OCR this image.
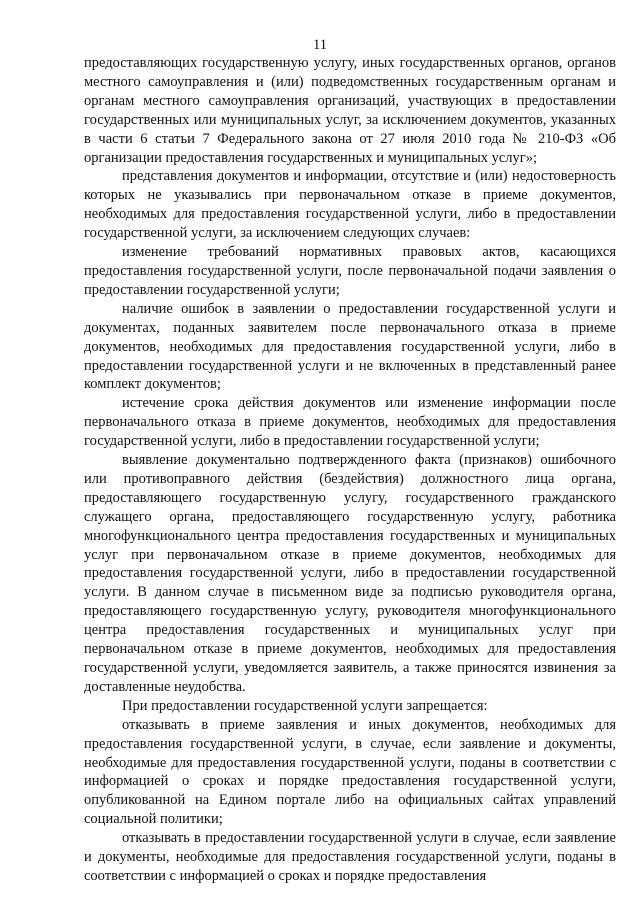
11

предоставляющих государственную услугу, иных государственных органов, органов местного самоуправления и (или) подведомственных государственным органам и органам местного самоуправления организаций, участвующих в предоставлении государственных или муниципальных услуг, за исключением документов, указанных в части 6 статьи 7 Федерального закона от 27 июля 2010 года № 210-ФЗ «Об организации предоставления государственных и муниципальных услуг»;

представления документов и информации, отсутствие и (или) недостоверность которых не указывались при первоначальном отказе в приеме документов, необходимых для предоставления государственной услуги, либо в предоставлении государственной услуги, за исключением следующих случаев:

изменение требований нормативных правовых актов, касающихся предоставления государственной услуги, после первоначальной подачи заявления о предоставлении государственной услуги;

наличие ошибок в заявлении о предоставлении государственной услуги и документах, поданных заявителем после первоначального отказа в приеме документов, необходимых для предоставления государственной услуги, либо в предоставлении государственной услуги и не включенных в представленный ранее комплект документов;

истечение срока действия документов или изменение информации после первоначального отказа в приеме документов, необходимых для предоставления государственной услуги, либо в предоставлении государственной услуги;

выявление документально подтвержденного факта (признаков) ошибочного или противоправного действия (бездействия) должностного лица органа, предоставляющего государственную услугу, государственного гражданского служащего органа, предоставляющего государственную услугу, работника многофункционального центра предоставления государственных и муниципальных услуг при первоначальном отказе в приеме документов, необходимых для предоставления государственной услуги, либо в предоставлении государственной услуги. В данном случае в письменном виде за подписью руководителя органа, предоставляющего государственную услугу, руководителя многофункционального центра предоставления государственных и муниципальных услуг при первоначальном отказе в приеме документов, необходимых для предоставления государственной услуги, уведомляется заявитель, а также приносятся извинения за доставленные неудобства.

При предоставлении государственной услуги запрещается:

отказывать в приеме заявления и иных документов, необходимых для предоставления государственной услуги, в случае, если заявление и документы, необходимые для предоставления государственной услуги, поданы в соответствии с информацией о сроках и порядке предоставления государственной услуги, опубликованной на Едином портале либо на официальных сайтах управлений социальной политики;

отказывать в предоставлении государственной услуги в случае, если заявление и документы, необходимые для предоставления государственной услуги, поданы в соответствии с информацией о сроках и порядке предоставления
